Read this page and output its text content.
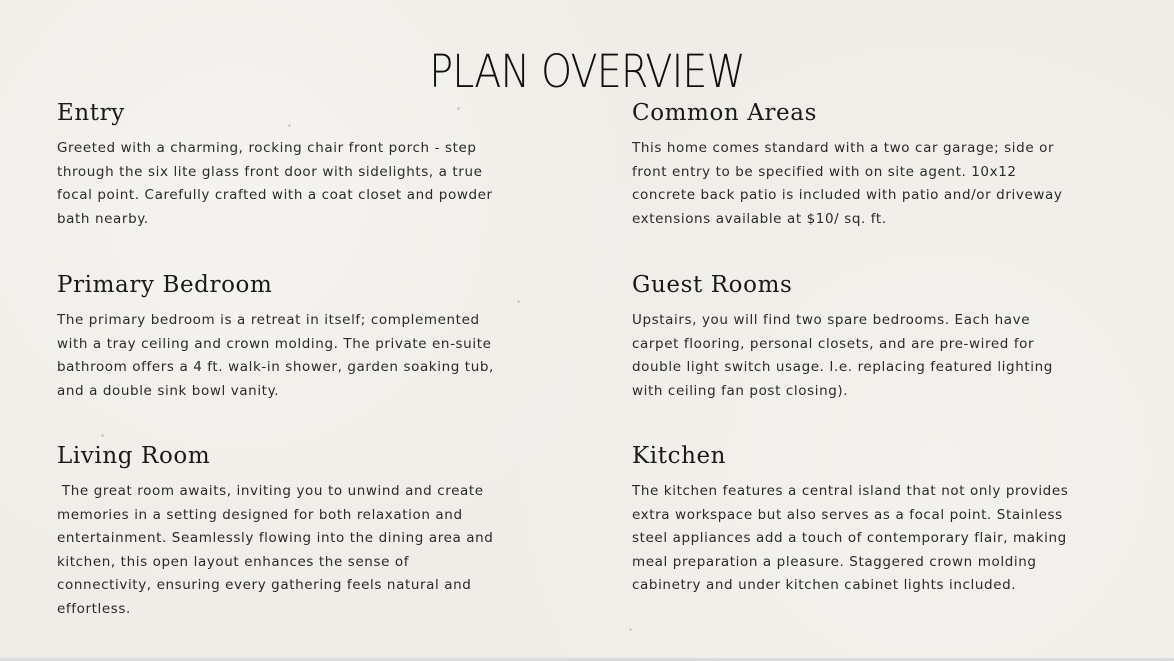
PLAN OVERVIEW
Entry

Greeted with a charming, rocking chair front porch - step through the six lite glass front door with sidelights, a true focal point. Carefully crafted with a coat closet and powder bath nearby.

Common Areas

This home comes standard with a two car garage; side or front entry to be specified with on site agent. 10x12 concrete back patio is included with patio and/or driveway extensions available at $10/ sq. ft.

Primary Bedroom

The primary bedroom is a retreat in itself; complemented with a tray ceiling and crown molding. The private en-suite bathroom offers a 4 ft. walk-in shower, garden soaking tub, and a double sink bowl vanity.

Guest Rooms

Upstairs, you will find two spare bedrooms. Each have carpet flooring, personal closets, and are pre-wired for double light switch usage. I.e. replacing featured lighting with ceiling fan post closing).

Living Room

The great room awaits, inviting you to unwind and create memories in a setting designed for both relaxation and entertainment. Seamlessly flowing into the dining area and kitchen, this open layout enhances the sense of connectivity, ensuring every gathering feels natural and effortless.

Kitchen

The kitchen features a central island that not only provides extra workspace but also serves as a focal point. Stainless steel appliances add a touch of contemporary flair, making meal preparation a pleasure. Staggered crown molding cabinetry and under kitchen cabinet lights included.
